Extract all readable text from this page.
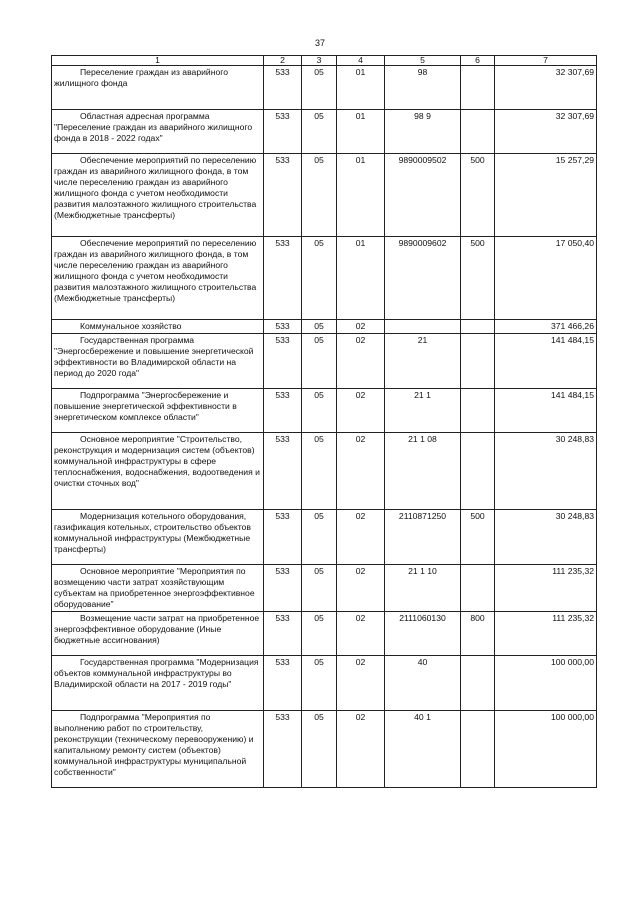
37
1	2	3	4	5	6	7
Переселение граждан из аварийного жилищного фонда	533	05	01	98		32 307,69
Областная адресная программа "Переселение граждан из аварийного жилищного фонда в 2018 - 2022 годах"	533	05	01	98 9		32 307,69
Обеспечение мероприятий по переселению граждан из аварийного жилищного фонда, в том числе переселению граждан из аварийного жилищного фонда с учетом необходимости развития малоэтажного жилищного строительства (Межбюджетные трансферты)	533	05	01	9890009502	500	15 257,29
Обеспечение мероприятий по переселению граждан из аварийного жилищного фонда, в том числе переселению граждан из аварийного жилищного фонда с учетом необходимости развития малоэтажного жилищного строительства (Межбюджетные трансферты)	533	05	01	9890009602	500	17 050,40
Коммунальное хозяйство	533	05	02			371 466,26
Государственная программа "Энергосбережение и повышение энергетической эффективности во Владимирской области на период до 2020 года"	533	05	02	21		141 484,15
Подпрограмма "Энергосбережение и повышение энергетической эффективности в энергетическом комплексе области"	533	05	02	21 1		141 484,15
Основное мероприятие "Строительство, реконструкция и модернизация систем (объектов) коммунальной инфраструктуры в сфере теплоснабжения, водоснабжения, водоотведения и очистки сточных вод"	533	05	02	21 1 08		30 248,83
Модернизация котельного оборудования, газификация котельных, строительство объектов коммунальной инфраструктуры (Межбюджетные трансферты)	533	05	02	2110871250	500	30 248,83
Основное мероприятие "Мероприятия по возмещению части затрат хозяйствующим субъектам на приобретенное энергоэффективное оборудование"	533	05	02	21 1 10		111 235,32
Возмещение части затрат на приобретенное энергоэффективное оборудование (Иные бюджетные ассигнования)	533	05	02	2111060130	800	111 235,32
Государственная программа "Модернизация объектов коммунальной инфраструктуры во Владимирской области на 2017 - 2019 годы"	533	05	02	40		100 000,00
Подпрограмма "Мероприятия по выполнению работ по строительству, реконструкции (техническому перевооружению) и капитальному ремонту систем (объектов) коммунальной инфраструктуры муниципальной собственности"	533	05	02	40 1		100 000,00
